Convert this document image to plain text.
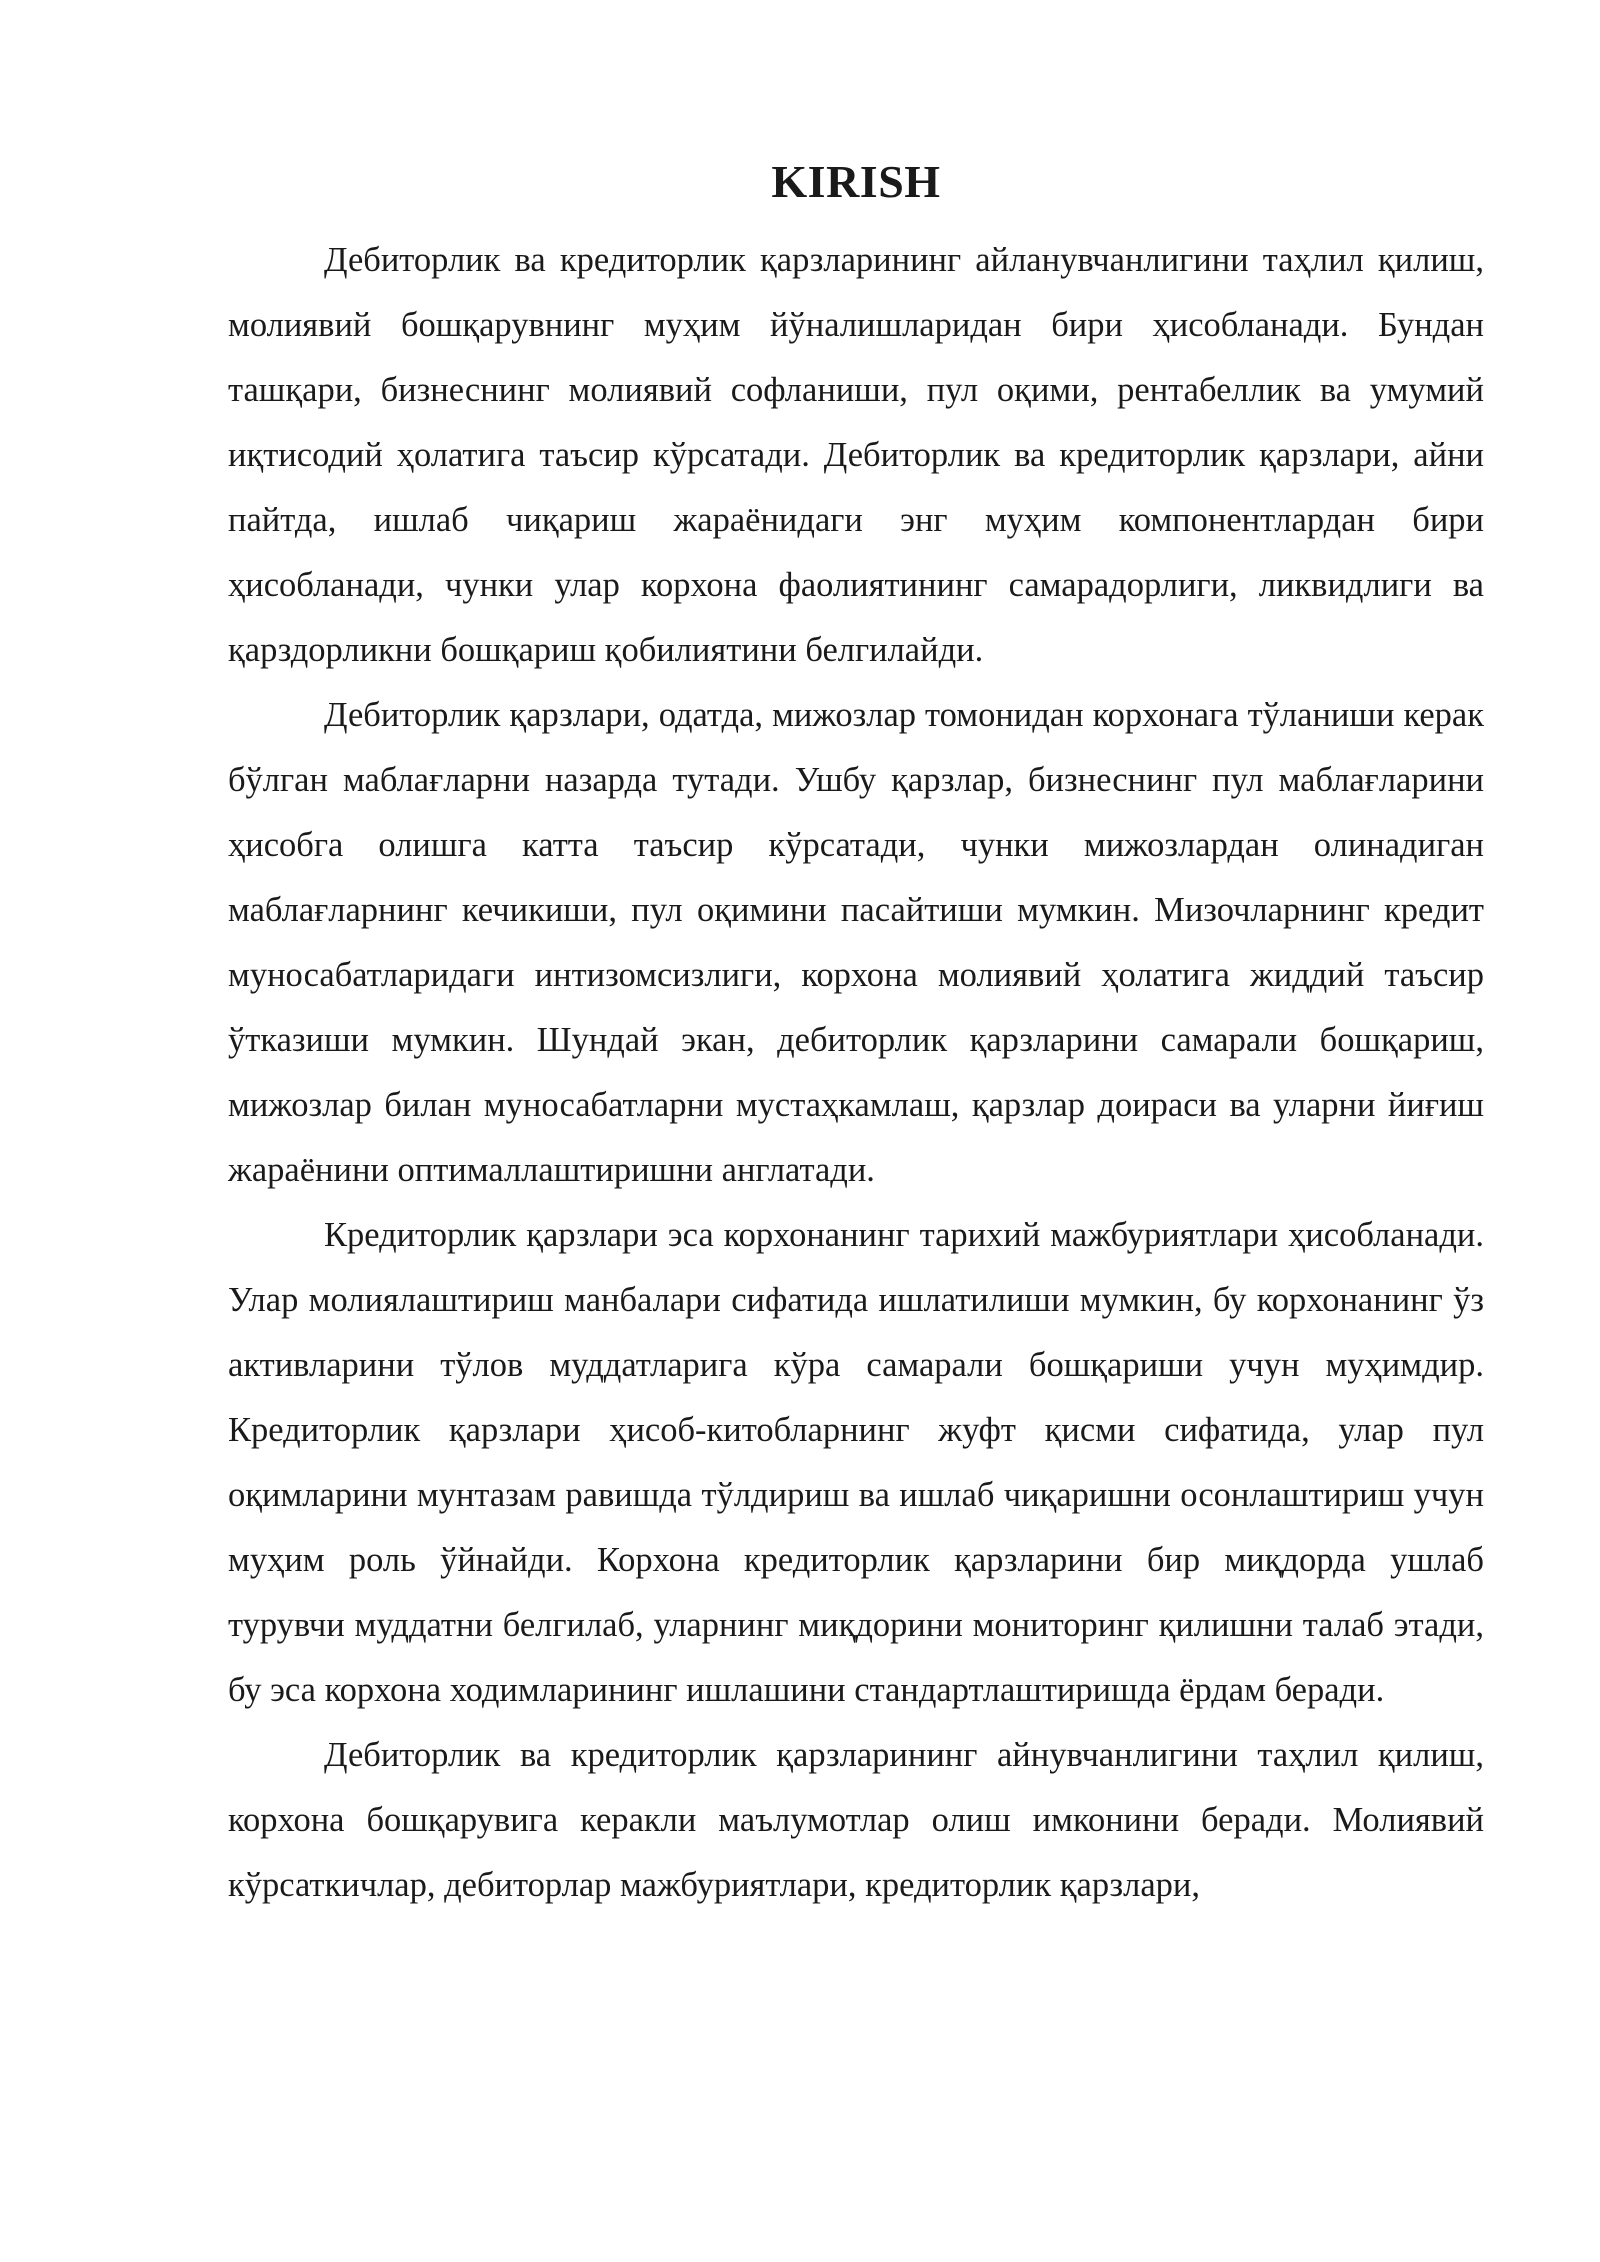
KIRISH

Дебиторлик ва кредиторлик қарзларининг айланувчанлигини таҳлил қилиш, молиявий бошқарувнинг муҳим йўналишларидан бири ҳисобланади. Бундан ташқари, бизнеснинг молиявий софланиши, пул оқими, рентабеллик ва умумий иқтисодий ҳолатига таъсир кўрсатади. Дебиторлик ва кредиторлик қарзлари, айни пайтда, ишлаб чиқариш жараёнидаги энг муҳим компонентлардан бири ҳисобланади, чунки улар корхона фаолиятининг самарадорлиги, ликвидлиги ва қарздорликни бошқариш қобилиятини белгилайди.

Дебиторлик қарзлари, одатда, мижозлар томонидан корхонага тўланиши керак бўлган маблағларни назарда тутади. Ушбу қарзлар, бизнеснинг пул маблағларини ҳисобга олишга катта таъсир кўрсатади, чунки мижозлардан олинадиган маблағларнинг кечикиши, пул оқимини пасайтиши мумкин. Мизочларнинг кредит муносабатларидаги интизомсизлиги, корхона молиявий ҳолатига жиддий таъсир ўтказиши мумкин. Шундай экан, дебиторлик қарзларини самарали бошқариш, мижозлар билан муносабатларни мустаҳкамлаш, қарзлар доираси ва уларни йиғиш жараёнини оптималлаштиришни англатади.

Кредиторлик қарзлари эса корхонанинг тарихий мажбуриятлари ҳисобланади. Улар молиялаштириш манбалари сифатида ишлатилиши мумкин, бу корхонанинг ўз активларини тўлов муддатларига кўра самарали бошқариши учун муҳимдир. Кредиторлик қарзлари ҳисоб-китобларнинг жуфт қисми сифатида, улар пул оқимларини мунтазам равишда тўлдириш ва ишлаб чиқаришни осонлаштириш учун муҳим роль ўйнайди. Корхона кредиторлик қарзларини бир миқдорда ушлаб турувчи муддатни белгилаб, уларнинг миқдорини мониторинг қилишни талаб этади, бу эса корхона ходимларининг ишлашини стандартлаштиришда ёрдам беради.

Дебиторлик ва кредиторлик қарзларининг айнувчанлигини таҳлил қилиш, корхона бошқарувига керакли маълумотлар олиш имконини беради. Молиявий кўрсаткичлар, дебиторлар мажбуриятлари, кредиторлик қарзлари,
